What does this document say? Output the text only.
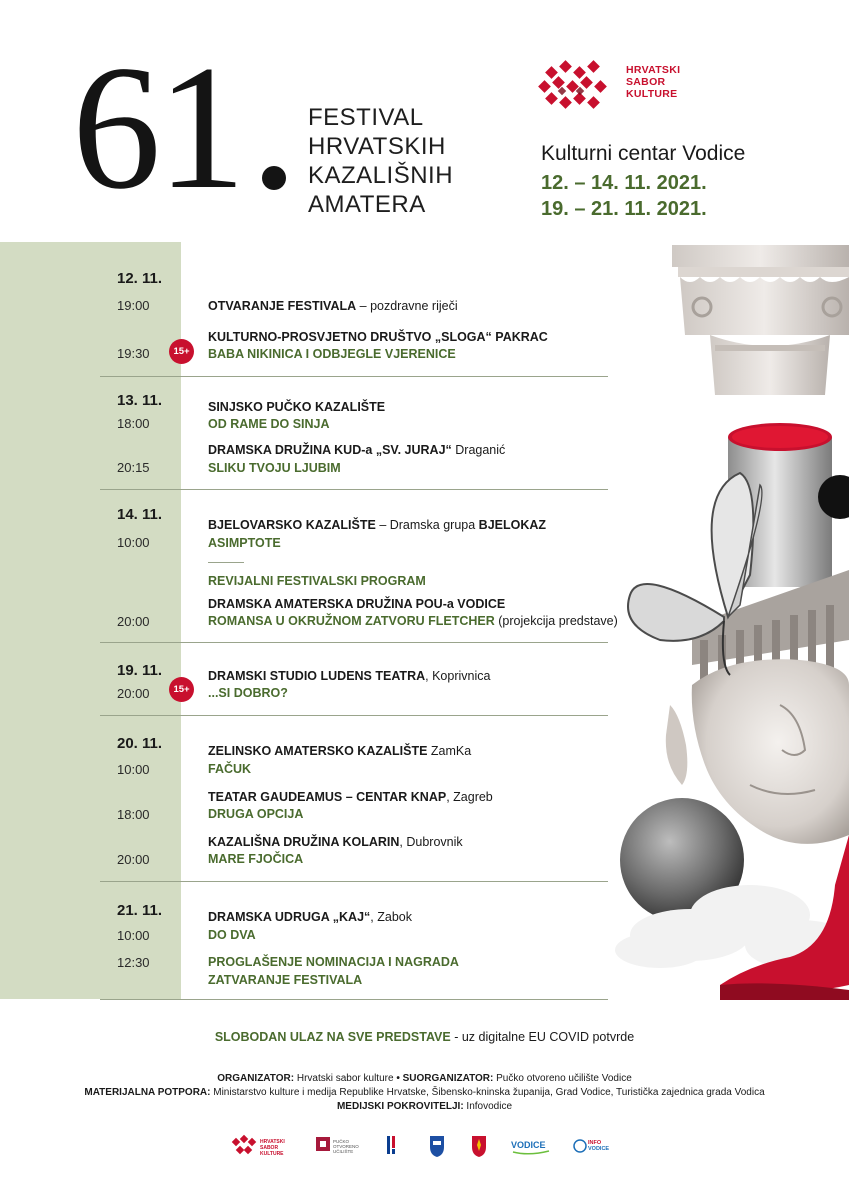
61	FESTIVAL
HRVATSKIH
KAZALIŠNIH
AMATERA
HRVATSKI
SABOR
KULTURE
Kulturni centar Vodice
12. – 14. 11. 2021.
19. – 21. 11. 2021.
12. 11.
19:00	OTVARANJE FESTIVALA – pozdravne riječi
KULTURNO-PROSVJETNO DRUŠTVO „SLOGA“ PAKRAC
15+
19:30	BABA NIKINICA I ODBJEGLE VJERENICE
13. 11.	SINJSKO PUČKO KAZALIŠTE
18:00	OD RAME DO SINJA
DRAMSKA DRUŽINA KUD-a „SV. JURAJ“ Draganić
20:15	SLIKU TVOJU LJUBIM
14. 11.
BJELOVARSKO KAZALIŠTE – Dramska grupa BJELOKAZ
10:00	ASIMPTOTE
REVIJALNI FESTIVALSKI PROGRAM
DRAMSKA AMATERSKA DRUŽINA POU-a VODICE
20:00	ROMANSA U OKRUŽNOM ZATVORU FLETCHER (projekcija predstave)
19. 11.	DRAMSKI STUDIO LUDENS TEATRA, Koprivnica
15+
20:00	...SI DOBRO?
20. 11.	ZELINSKO AMATERSKO KAZALIŠTE ZamKa
10:00	FAČUK
TEATAR GAUDEAMUS – CENTAR KNAP, Zagreb
18:00	DRUGA OPCIJA
KAZALIŠNA DRUŽINA KOLARIN, Dubrovnik
20:00	MARE FJOČICA
21. 11.	DRAMSKA UDRUGA „KAJ“, Zabok
10:00	DO DVA
12:30	PROGLAŠENJE NOMINACIJA I NAGRADA
ZATVARANJE FESTIVALA
SLOBODAN ULAZ NA SVE PREDSTAVE - uz digitalne EU COVID potvrde
ORGANIZATOR: Hrvatski sabor kulture • SUORGANIZATOR: Pučko otvoreno učilište Vodice
MATERIJALNA POTPORA: Ministarstvo kulture i medija Republike Hrvatske, Šibensko-kninska županija, Grad Vodice, Turistička zajednica grada Vodica
MEDIJSKI POKROVITELJI: Infovodice
HRVATSKI
SABOR
KULTURE
PUČKO
OTVORENO
UČILIŠTE
VODICE	INFO
VODICE
